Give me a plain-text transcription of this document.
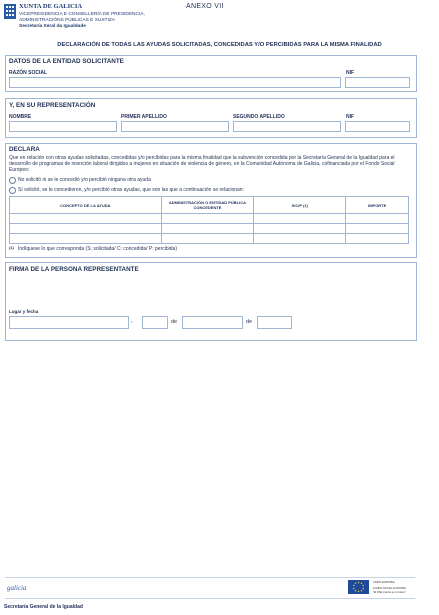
XUNTA DE GALICIA
VICEPRESIDENCIA E CONSELLERÍA DE PRESIDENCIA,
ADMINISTRACIÓNS PÚBLICAS E XUSTIZA
Secretaría Xeral da Igualdade
ANEXO VII
DECLARACIÓN DE TODAS LAS AYUDAS SOLICITADAS, CONCEDIDAS Y/O PERCIBIDAS PARA LA MISMA FINALIDAD
DATOS DE LA ENTIDAD SOLICITANTE
RAZÓN SOCIAL	NIF
Y, EN SU REPRESENTACIÓN
NOMBRE	PRIMER APELLIDO	SEGUNDO APELLIDO	NIF
DECLARA
Que en relación con otras ayudas solicitadas, concedidas y/o percibidas para la misma finalidad que la subvención concedida por la Secretaría General de la Igualdad para el desarrollo de programas de inserción laboral dirigidos a mujeres en situación de violencia de género, en la Comunidad Autónoma de Galicia, cofinanciada por el Fondo Social Europeo:
No solicitó ni se le concedió y/o percibió ninguna otra ayuda
Sí solicitó, se le concedieron, y/o percibió otras ayudas, que son las que a continuación se relacionan:
CONCEPTO DE LA AYUDA	ADMINISTRACIÓN O ENTIDAD PÚBLICA CONCEDENTE	S/C/P (1)	IMPORTE

(1) Indíquese lo que corresponda (S: solicitada/ C: concedida/ P: percibida)
FIRMA DE LA PERSONA REPRESENTANTE
Lugar y fecha
,	de	de
galicia
UNIÓN EUROPEA
FONDO SOCIAL EUROPEO
"El FSE invierte en tu futuro"
Secretaría General de la Igualdad
